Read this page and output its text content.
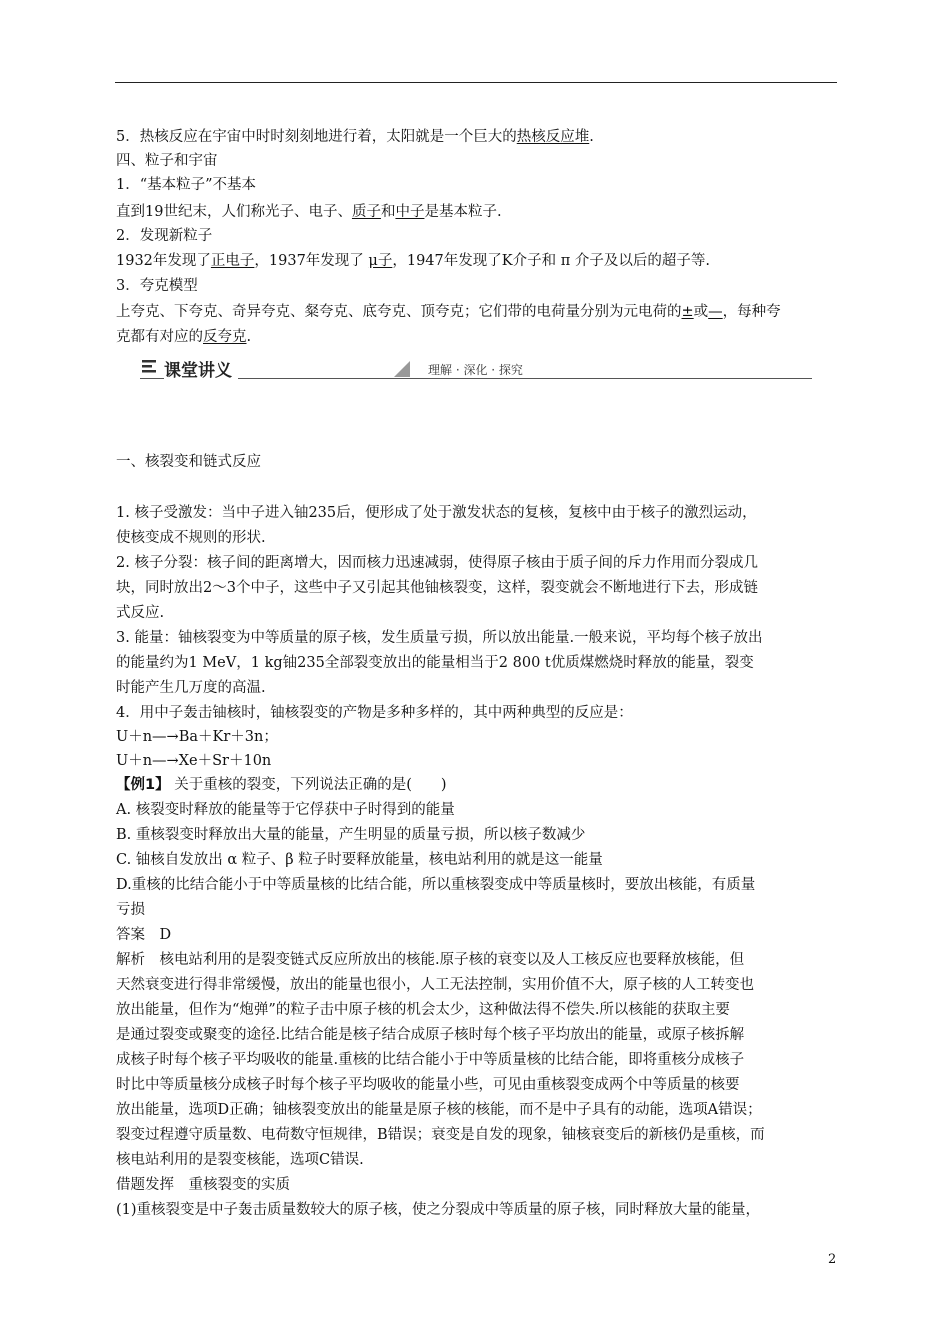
5．热核反应在宇宙中时时刻刻地进行着，太阳就是一个巨大的热核反应堆.
四、粒子和宇宙
1．“基本粒子”不基本
直到19世纪末，人们称光子、电子、质子和中子是基本粒子.
2．发现新粒子
1932年发现了正电子，1937年发现了 μ子，1947年发现了K介子和 π 介子及以后的超子等.
3．夸克模型
上夸克、下夸克、奇异夸克、粲夸克、底夸克、顶夸克；它们带的电荷量分别为元电荷的±或—，每种夸
克都有对应的反夸克.
课堂讲义	理解 · 深化 · 探究
一、核裂变和链式反应
1. 核子受激发：当中子进入铀235后，便形成了处于激发状态的复核，复核中由于核子的激烈运动，
使核变成不规则的形状.
2. 核子分裂：核子间的距离增大，因而核力迅速减弱，使得原子核由于质子间的斥力作用而分裂成几
块，同时放出2～3个中子，这些中子又引起其他铀核裂变，这样，裂变就会不断地进行下去，形成链
式反应.
3. 能量：铀核裂变为中等质量的原子核，发生质量亏损，所以放出能量.一般来说，平均每个核子放出
的能量约为1 MeV，1 kg铀235全部裂变放出的能量相当于2 800 t优质煤燃烧时释放的能量，裂变
时能产生几万度的高温.
4．用中子轰击铀核时，铀核裂变的产物是多种多样的，其中两种典型的反应是：
U＋n—→Ba＋Kr＋3n；
U＋n—→Xe＋Sr＋10n
【例1】 关于重核的裂变，下列说法正确的是(　　)
A. 核裂变时释放的能量等于它俘获中子时得到的能量
B. 重核裂变时释放出大量的能量，产生明显的质量亏损，所以核子数减少
C. 铀核自发放出 α 粒子、β 粒子时要释放能量，核电站利用的就是这一能量
D.重核的比结合能小于中等质量核的比结合能，所以重核裂变成中等质量核时，要放出核能，有质量
亏损
答案　D
解析　核电站利用的是裂变链式反应所放出的核能.原子核的衰变以及人工核反应也要释放核能，但
天然衰变进行得非常缓慢，放出的能量也很小，人工无法控制，实用价值不大，原子核的人工转变也
放出能量，但作为“炮弹”的粒子击中原子核的机会太少，这种做法得不偿失.所以核能的获取主要
是通过裂变或聚变的途径.比结合能是核子结合成原子核时每个核子平均放出的能量，或原子核拆解
成核子时每个核子平均吸收的能量.重核的比结合能小于中等质量核的比结合能，即将重核分成核子
时比中等质量核分成核子时每个核子平均吸收的能量小些，可见由重核裂变成两个中等质量的核要
放出能量，选项D正确；铀核裂变放出的能量是原子核的核能，而不是中子具有的动能，选项A错误；
裂变过程遵守质量数、电荷数守恒规律，B错误；衰变是自发的现象，铀核衰变后的新核仍是重核，而
核电站利用的是裂变核能，选项C错误.
借题发挥　重核裂变的实质
(1)重核裂变是中子轰击质量数较大的原子核，使之分裂成中等质量的原子核，同时释放大量的能量，
2
